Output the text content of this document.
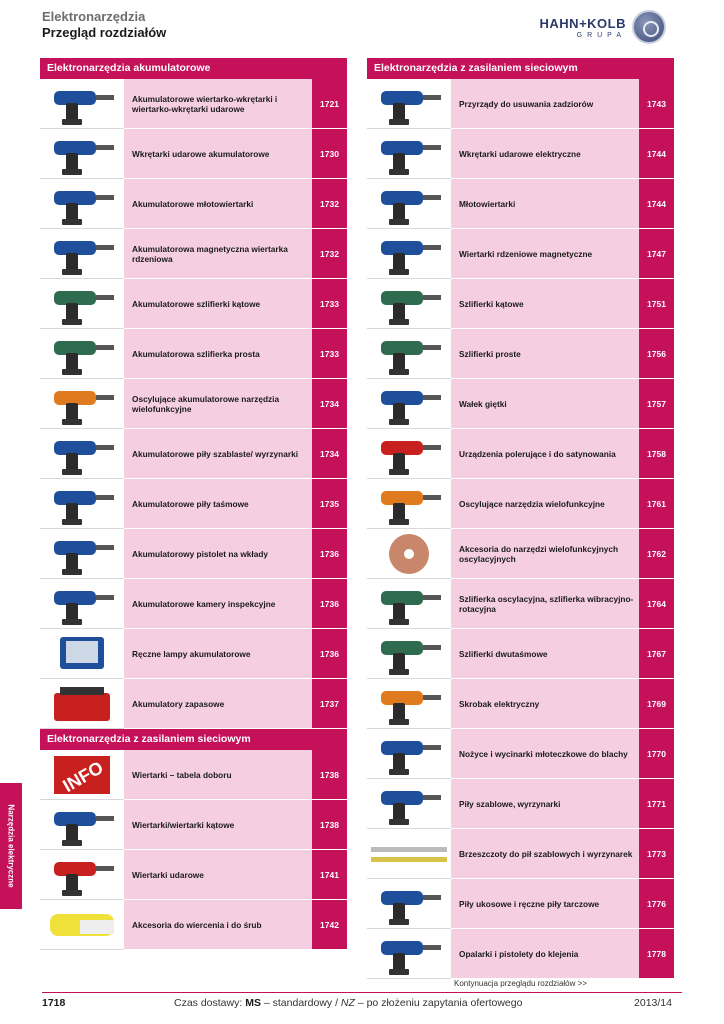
Elektronarzędzia
Przegląd rozdziałów
HAHN+KOLB
GRUPA
Elektronarzędzia akumulatorowe
Akumulatorowe wiertarko-wkrętarki i wiertarko-wkrętarki udarowe	1721
Wkrętarki udarowe akumulatorowe	1730
Akumulatorowe młotowiertarki	1732
Akumulatorowa magnetyczna wiertarka rdzeniowa	1732
Akumulatorowe szlifierki kątowe	1733
Akumulatorowa szlifierka prosta	1733
Oscylujące akumulatorowe narzędzia wielofunkcyjne	1734
Akumulatorowe piły szablaste/ wyrzynarki	1734
Akumulatorowe piły taśmowe	1735
Akumulatorowy pistolet na wkłady	1736
Akumulatorowe kamery inspekcyjne	1736
Ręczne lampy akumulatorowe	1736
Akumulatory zapasowe	1737
Elektronarzędzia z zasilaniem sieciowym
INFO	Wiertarki – tabela doboru	1738
Wiertarki/wiertarki kątowe	1738
Wiertarki udarowe	1741
Akcesoria do wiercenia i do śrub	1742
Elektronarzędzia z zasilaniem sieciowym
Przyrządy do usuwania zadziorów	1743
Wkrętarki udarowe elektryczne	1744
Młotowiertarki	1744
Wiertarki rdzeniowe magnetyczne	1747
Szlifierki kątowe	1751
Szlifierki proste	1756
Wałek giętki	1757
Urządzenia polerujące i do satynowania	1758
Oscylujące narzędzia wielofunkcyjne	1761
Akcesoria do narzędzi wielofunkcyjnych oscylacyjnych	1762
Szlifierka oscylacyjna, szlifierka wibracyjno-rotacyjna	1764
Szlifierki dwutaśmowe	1767
Skrobak elektryczny	1769
Nożyce i wycinarki młoteczkowe do blachy	1770
Piły szablowe, wyrzynarki	1771
Brzeszczoty do pił szablowych i wyrzynarek	1773
Piły ukosowe i ręczne piły tarczowe	1776
Opalarki i pistolety do klejenia	1778
Kontynuacja przeglądu rozdziałów >>
Narzędzia elektryczne
1718	Czas dostawy: MS – standardowy / NZ – po złożeniu zapytania ofertowego	2013/14
